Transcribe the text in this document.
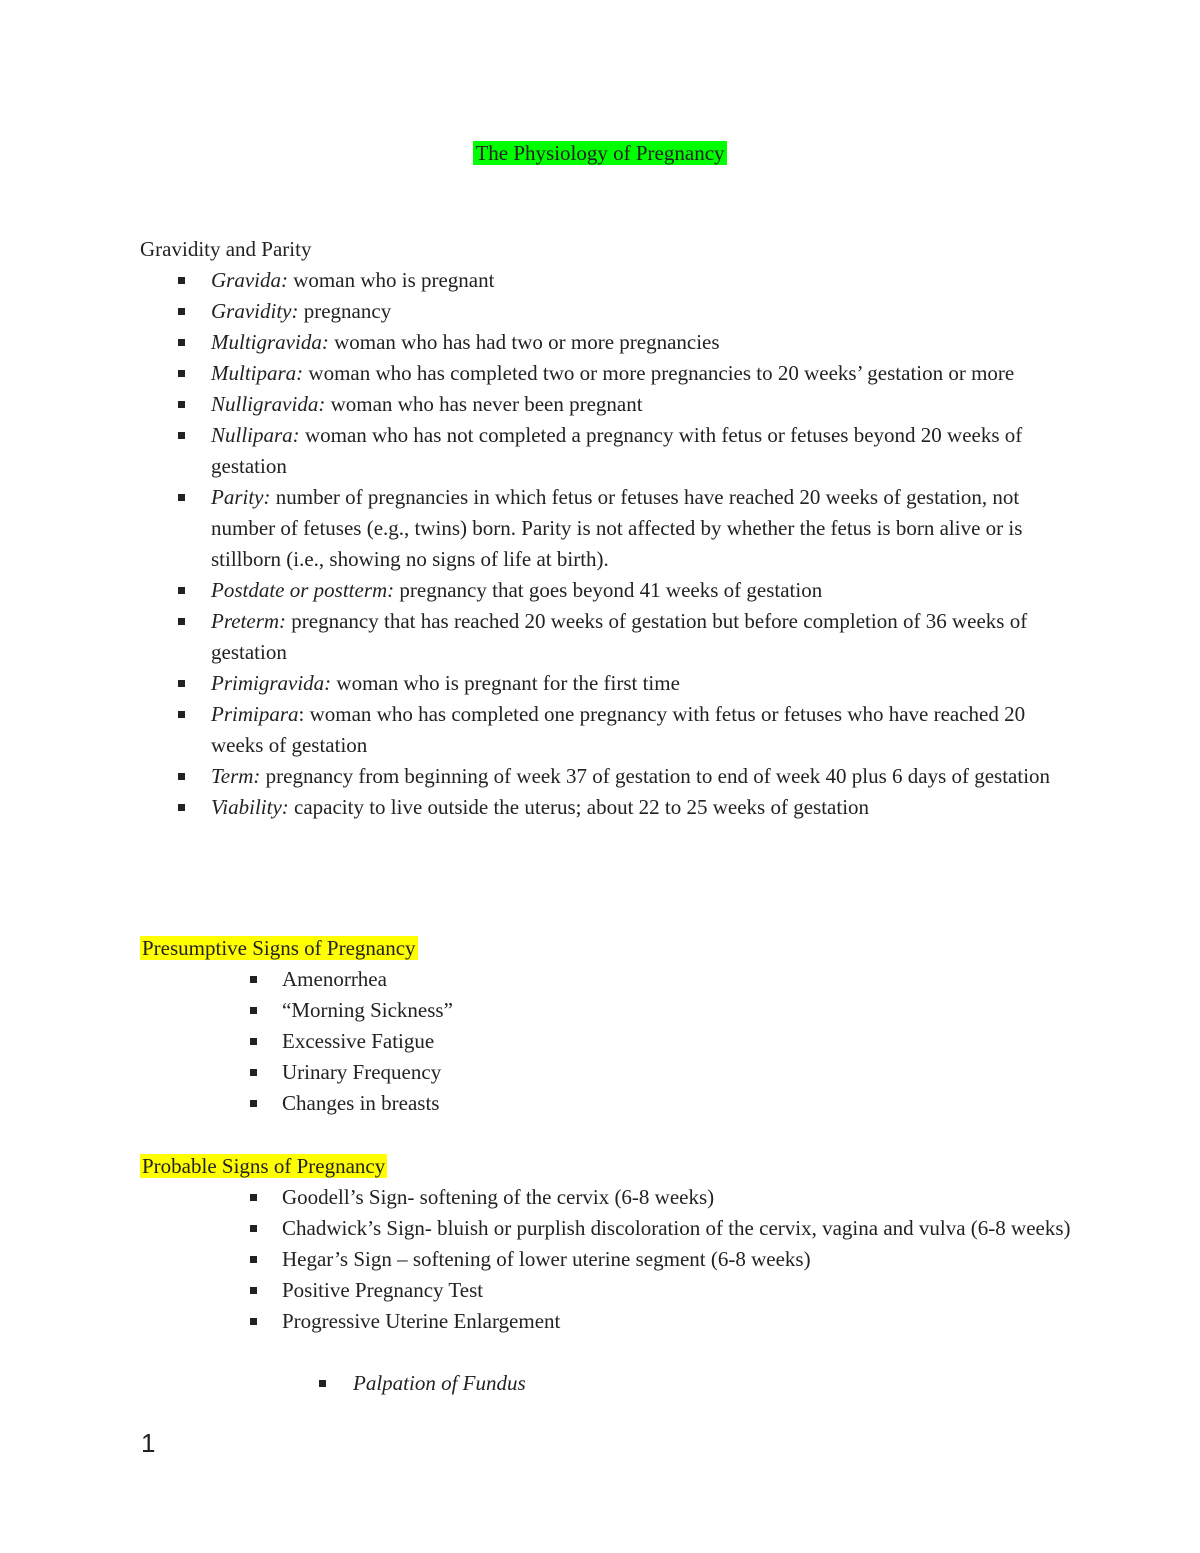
The Physiology of Pregnancy

Gravidity and Parity

Gravida: woman who is pregnant
Gravidity: pregnancy
Multigravida: woman who has had two or more pregnancies
Multipara: woman who has completed two or more pregnancies to 20 weeks’ gestation or more
Nulligravida: woman who has never been pregnant
Nullipara: woman who has not completed a pregnancy with fetus or fetuses beyond 20 weeks of gestation
Parity: number of pregnancies in which fetus or fetuses have reached 20 weeks of gestation, not number of fetuses (e.g., twins) born. Parity is not affected by whether the fetus is born alive or is stillborn (i.e., showing no signs of life at birth).
Postdate or postterm: pregnancy that goes beyond 41 weeks of gestation
Preterm: pregnancy that has reached 20 weeks of gestation but before completion of 36 weeks of gestation
Primigravida: woman who is pregnant for the first time
Primipara: woman who has completed one pregnancy with fetus or fetuses who have reached 20 weeks of gestation
Term: pregnancy from beginning of week 37 of gestation to end of week 40 plus 6 days of gestation
Viability: capacity to live outside the uterus; about 22 to 25 weeks of gestation

Presumptive Signs of Pregnancy

Amenorrhea
“Morning Sickness”
Excessive Fatigue
Urinary Frequency
Changes in breasts

Probable Signs of Pregnancy

Goodell’s Sign- softening of the cervix (6-8 weeks)
Chadwick’s Sign- bluish or purplish discoloration of the cervix, vagina and vulva (6-8 weeks)
Hegar’s Sign – softening of lower uterine segment (6-8 weeks)
Positive Pregnancy Test
Progressive Uterine Enlargement
Palpation of Fundus
1
